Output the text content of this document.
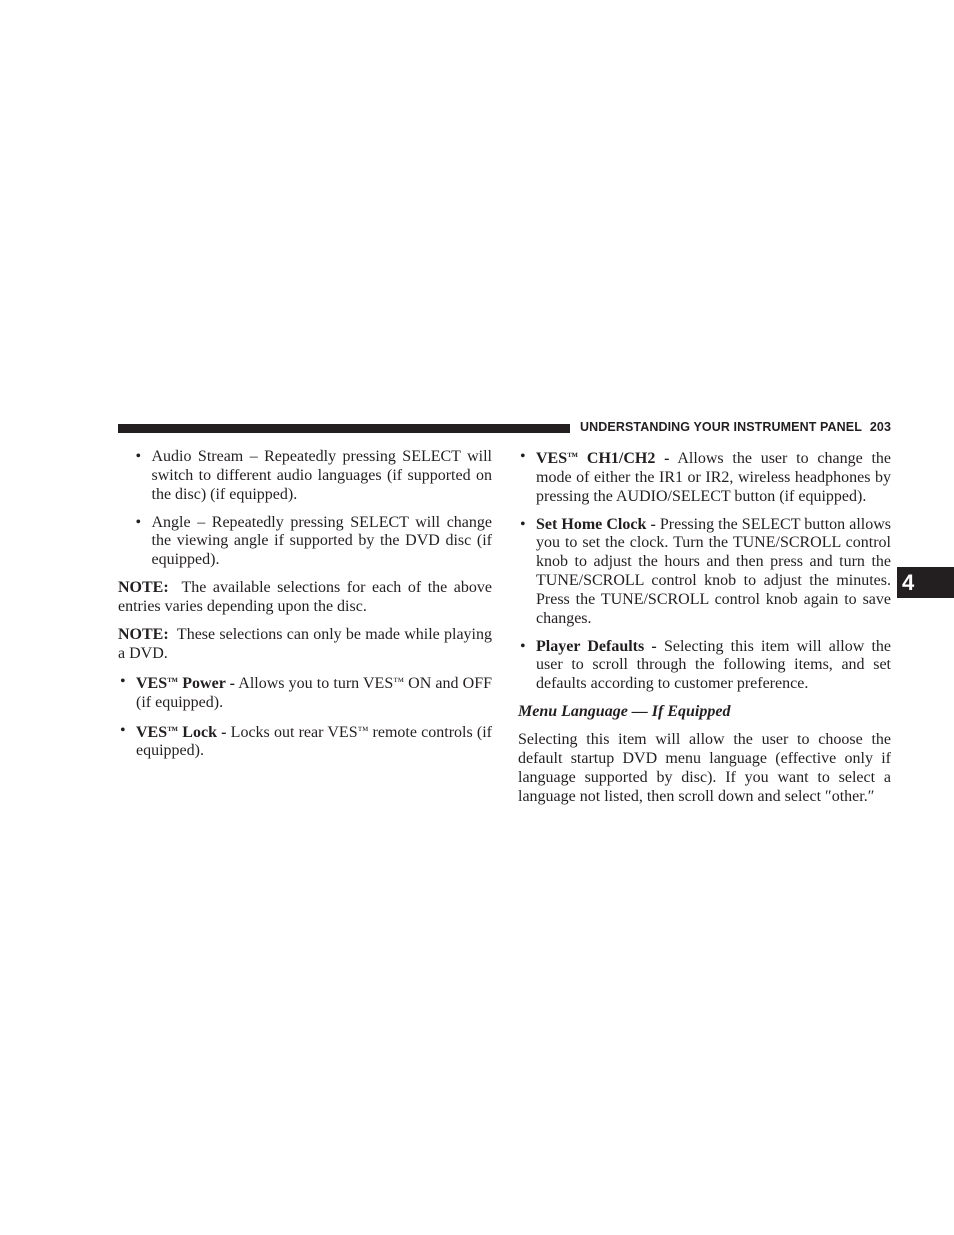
UNDERSTANDING YOUR INSTRUMENT PANEL 203
• Audio Stream – Repeatedly pressing SELECT will switch to different audio languages (if supported on the disc) (if equipped).
• Angle – Repeatedly pressing SELECT will change the viewing angle if supported by the DVD disc (if equipped).

NOTE: The available selections for each of the above entries varies depending upon the disc.

NOTE: These selections can only be made while playing a DVD.

• VES™ Power - Allows you to turn VES™ ON and OFF (if equipped).
• VES™ Lock - Locks out rear VES™ remote controls (if equipped).
• VES™ CH1/CH2 - Allows the user to change the mode of either the IR1 or IR2, wireless headphones by pressing the AUDIO/SELECT button (if equipped).
• Set Home Clock - Pressing the SELECT button allows you to set the clock. Turn the TUNE/SCROLL control knob to adjust the hours and then press and turn the TUNE/SCROLL control knob to adjust the minutes. Press the TUNE/SCROLL control knob again to save changes.
• Player Defaults - Selecting this item will allow the user to scroll through the following items, and set defaults according to customer preference.

Menu Language — If Equipped

Selecting this item will allow the user to choose the default startup DVD menu language (effective only if language supported by disc). If you want to select a language not listed, then scroll down and select ″other.″

4
